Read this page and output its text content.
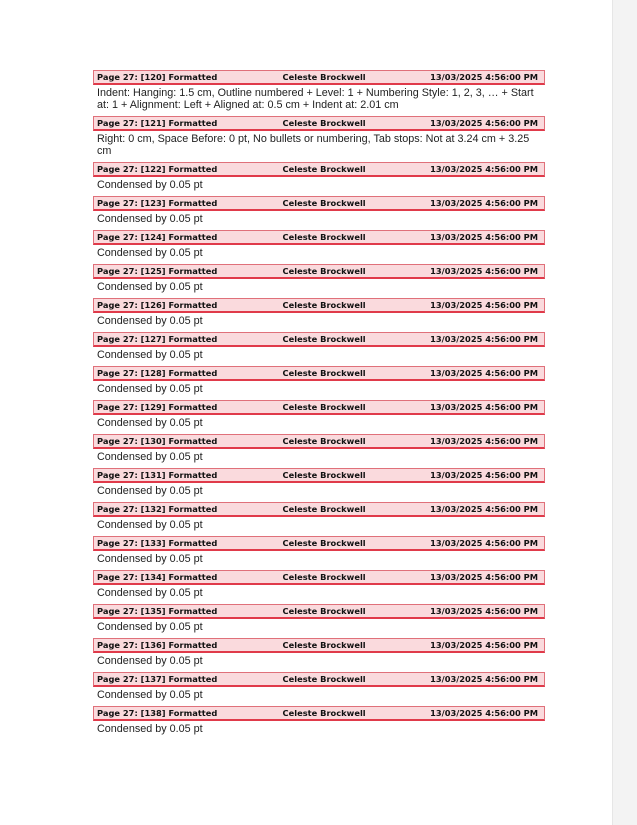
Page 27: [120] Formatted	Celeste Brockwell	13/03/2025 4:56:00 PM
Indent: Hanging: 1.5 cm, Outline numbered + Level: 1 + Numbering Style: 1, 2, 3, … + Start at: 1 + Alignment: Left + Aligned at: 0.5 cm + Indent at: 2.01 cm
Page 27: [121] Formatted	Celeste Brockwell	13/03/2025 4:56:00 PM
Right: 0 cm, Space Before: 0 pt, No bullets or numbering, Tab stops: Not at 3.24 cm + 3.25 cm
Page 27: [122] Formatted	Celeste Brockwell	13/03/2025 4:56:00 PM
Condensed by 0.05 pt
Page 27: [123] Formatted	Celeste Brockwell	13/03/2025 4:56:00 PM
Condensed by 0.05 pt
Page 27: [124] Formatted	Celeste Brockwell	13/03/2025 4:56:00 PM
Condensed by 0.05 pt
Page 27: [125] Formatted	Celeste Brockwell	13/03/2025 4:56:00 PM
Condensed by 0.05 pt
Page 27: [126] Formatted	Celeste Brockwell	13/03/2025 4:56:00 PM
Condensed by 0.05 pt
Page 27: [127] Formatted	Celeste Brockwell	13/03/2025 4:56:00 PM
Condensed by 0.05 pt
Page 27: [128] Formatted	Celeste Brockwell	13/03/2025 4:56:00 PM
Condensed by 0.05 pt
Page 27: [129] Formatted	Celeste Brockwell	13/03/2025 4:56:00 PM
Condensed by 0.05 pt
Page 27: [130] Formatted	Celeste Brockwell	13/03/2025 4:56:00 PM
Condensed by 0.05 pt
Page 27: [131] Formatted	Celeste Brockwell	13/03/2025 4:56:00 PM
Condensed by 0.05 pt
Page 27: [132] Formatted	Celeste Brockwell	13/03/2025 4:56:00 PM
Condensed by 0.05 pt
Page 27: [133] Formatted	Celeste Brockwell	13/03/2025 4:56:00 PM
Condensed by 0.05 pt
Page 27: [134] Formatted	Celeste Brockwell	13/03/2025 4:56:00 PM
Condensed by 0.05 pt
Page 27: [135] Formatted	Celeste Brockwell	13/03/2025 4:56:00 PM
Condensed by 0.05 pt
Page 27: [136] Formatted	Celeste Brockwell	13/03/2025 4:56:00 PM
Condensed by 0.05 pt
Page 27: [137] Formatted	Celeste Brockwell	13/03/2025 4:56:00 PM
Condensed by 0.05 pt
Page 27: [138] Formatted	Celeste Brockwell	13/03/2025 4:56:00 PM
Condensed by 0.05 pt
